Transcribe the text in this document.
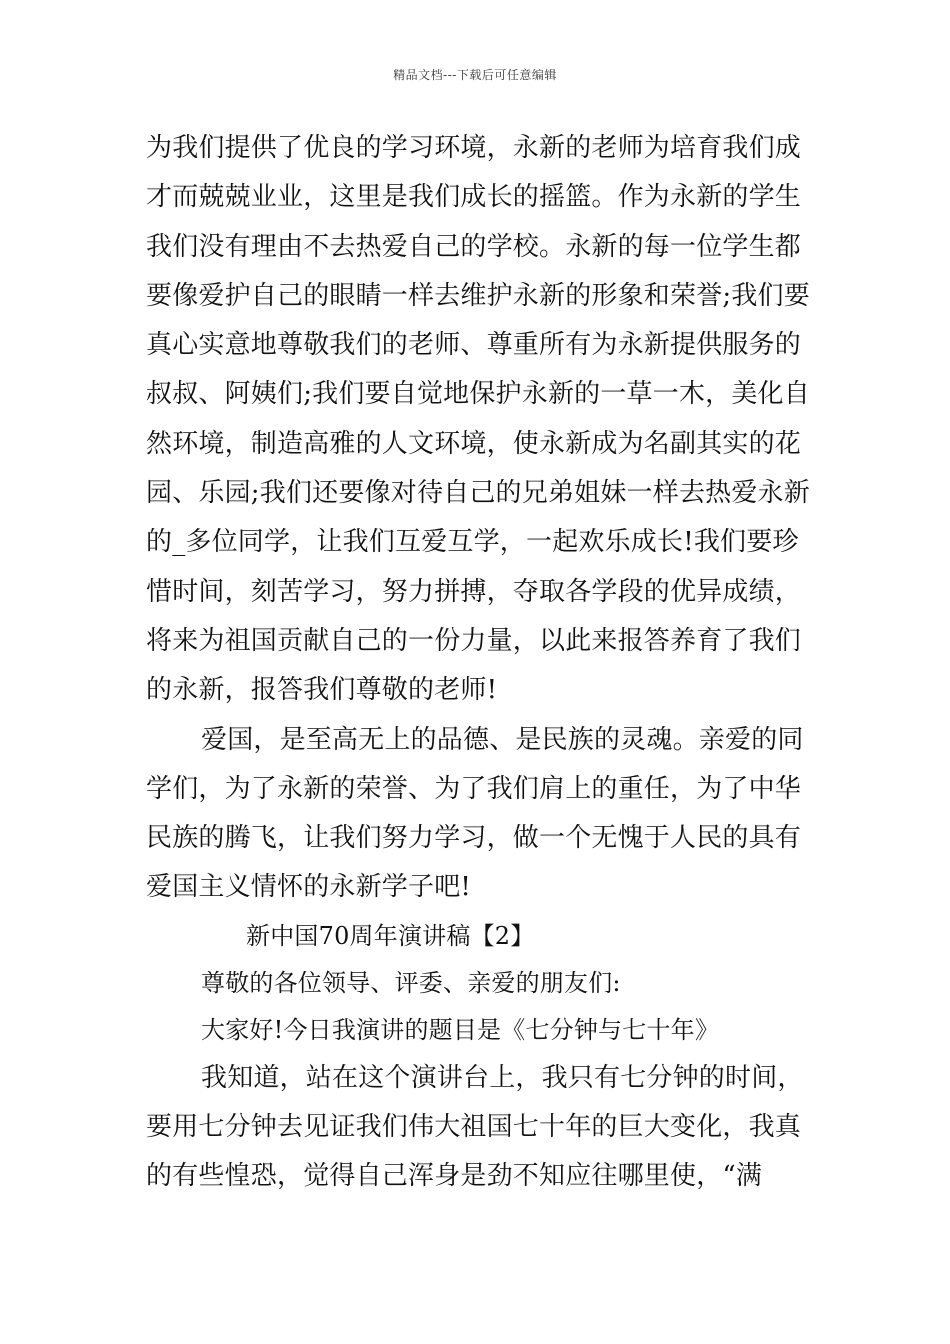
精品文档---下载后可任意编辑
为我们提供了优良的学习环境，永新的老师为培育我们成
才而兢兢业业，这里是我们成长的摇篮。作为永新的学生
我们没有理由不去热爱自己的学校。永新的每一位学生都
要像爱护自己的眼睛一样去维护永新的形象和荣誉;我们要
真心实意地尊敬我们的老师、尊重所有为永新提供服务的
叔叔、阿姨们;我们要自觉地保护永新的一草一木，美化自
然环境，制造高雅的人文环境，使永新成为名副其实的花
园、乐园;我们还要像对待自己的兄弟姐妹一样去热爱永新
的_多位同学，让我们互爱互学，一起欢乐成长!我们要珍
惜时间，刻苦学习，努力拼搏，夺取各学段的优异成绩，
将来为祖国贡献自己的一份力量，以此来报答养育了我们
的永新，报答我们尊敬的老师!
爱国，是至高无上的品德、是民族的灵魂。亲爱的同
学们，为了永新的荣誉、为了我们肩上的重任，为了中华
民族的腾飞，让我们努力学习，做一个无愧于人民的具有
爱国主义情怀的永新学子吧!
新中国70周年演讲稿【2】
尊敬的各位领导、评委、亲爱的朋友们:
大家好!今日我演讲的题目是《七分钟与七十年》
我知道，站在这个演讲台上，我只有七分钟的时间，
要用七分钟去见证我们伟大祖国七十年的巨大变化，我真
的有些惶恐，觉得自己浑身是劲不知应往哪里使，“满
